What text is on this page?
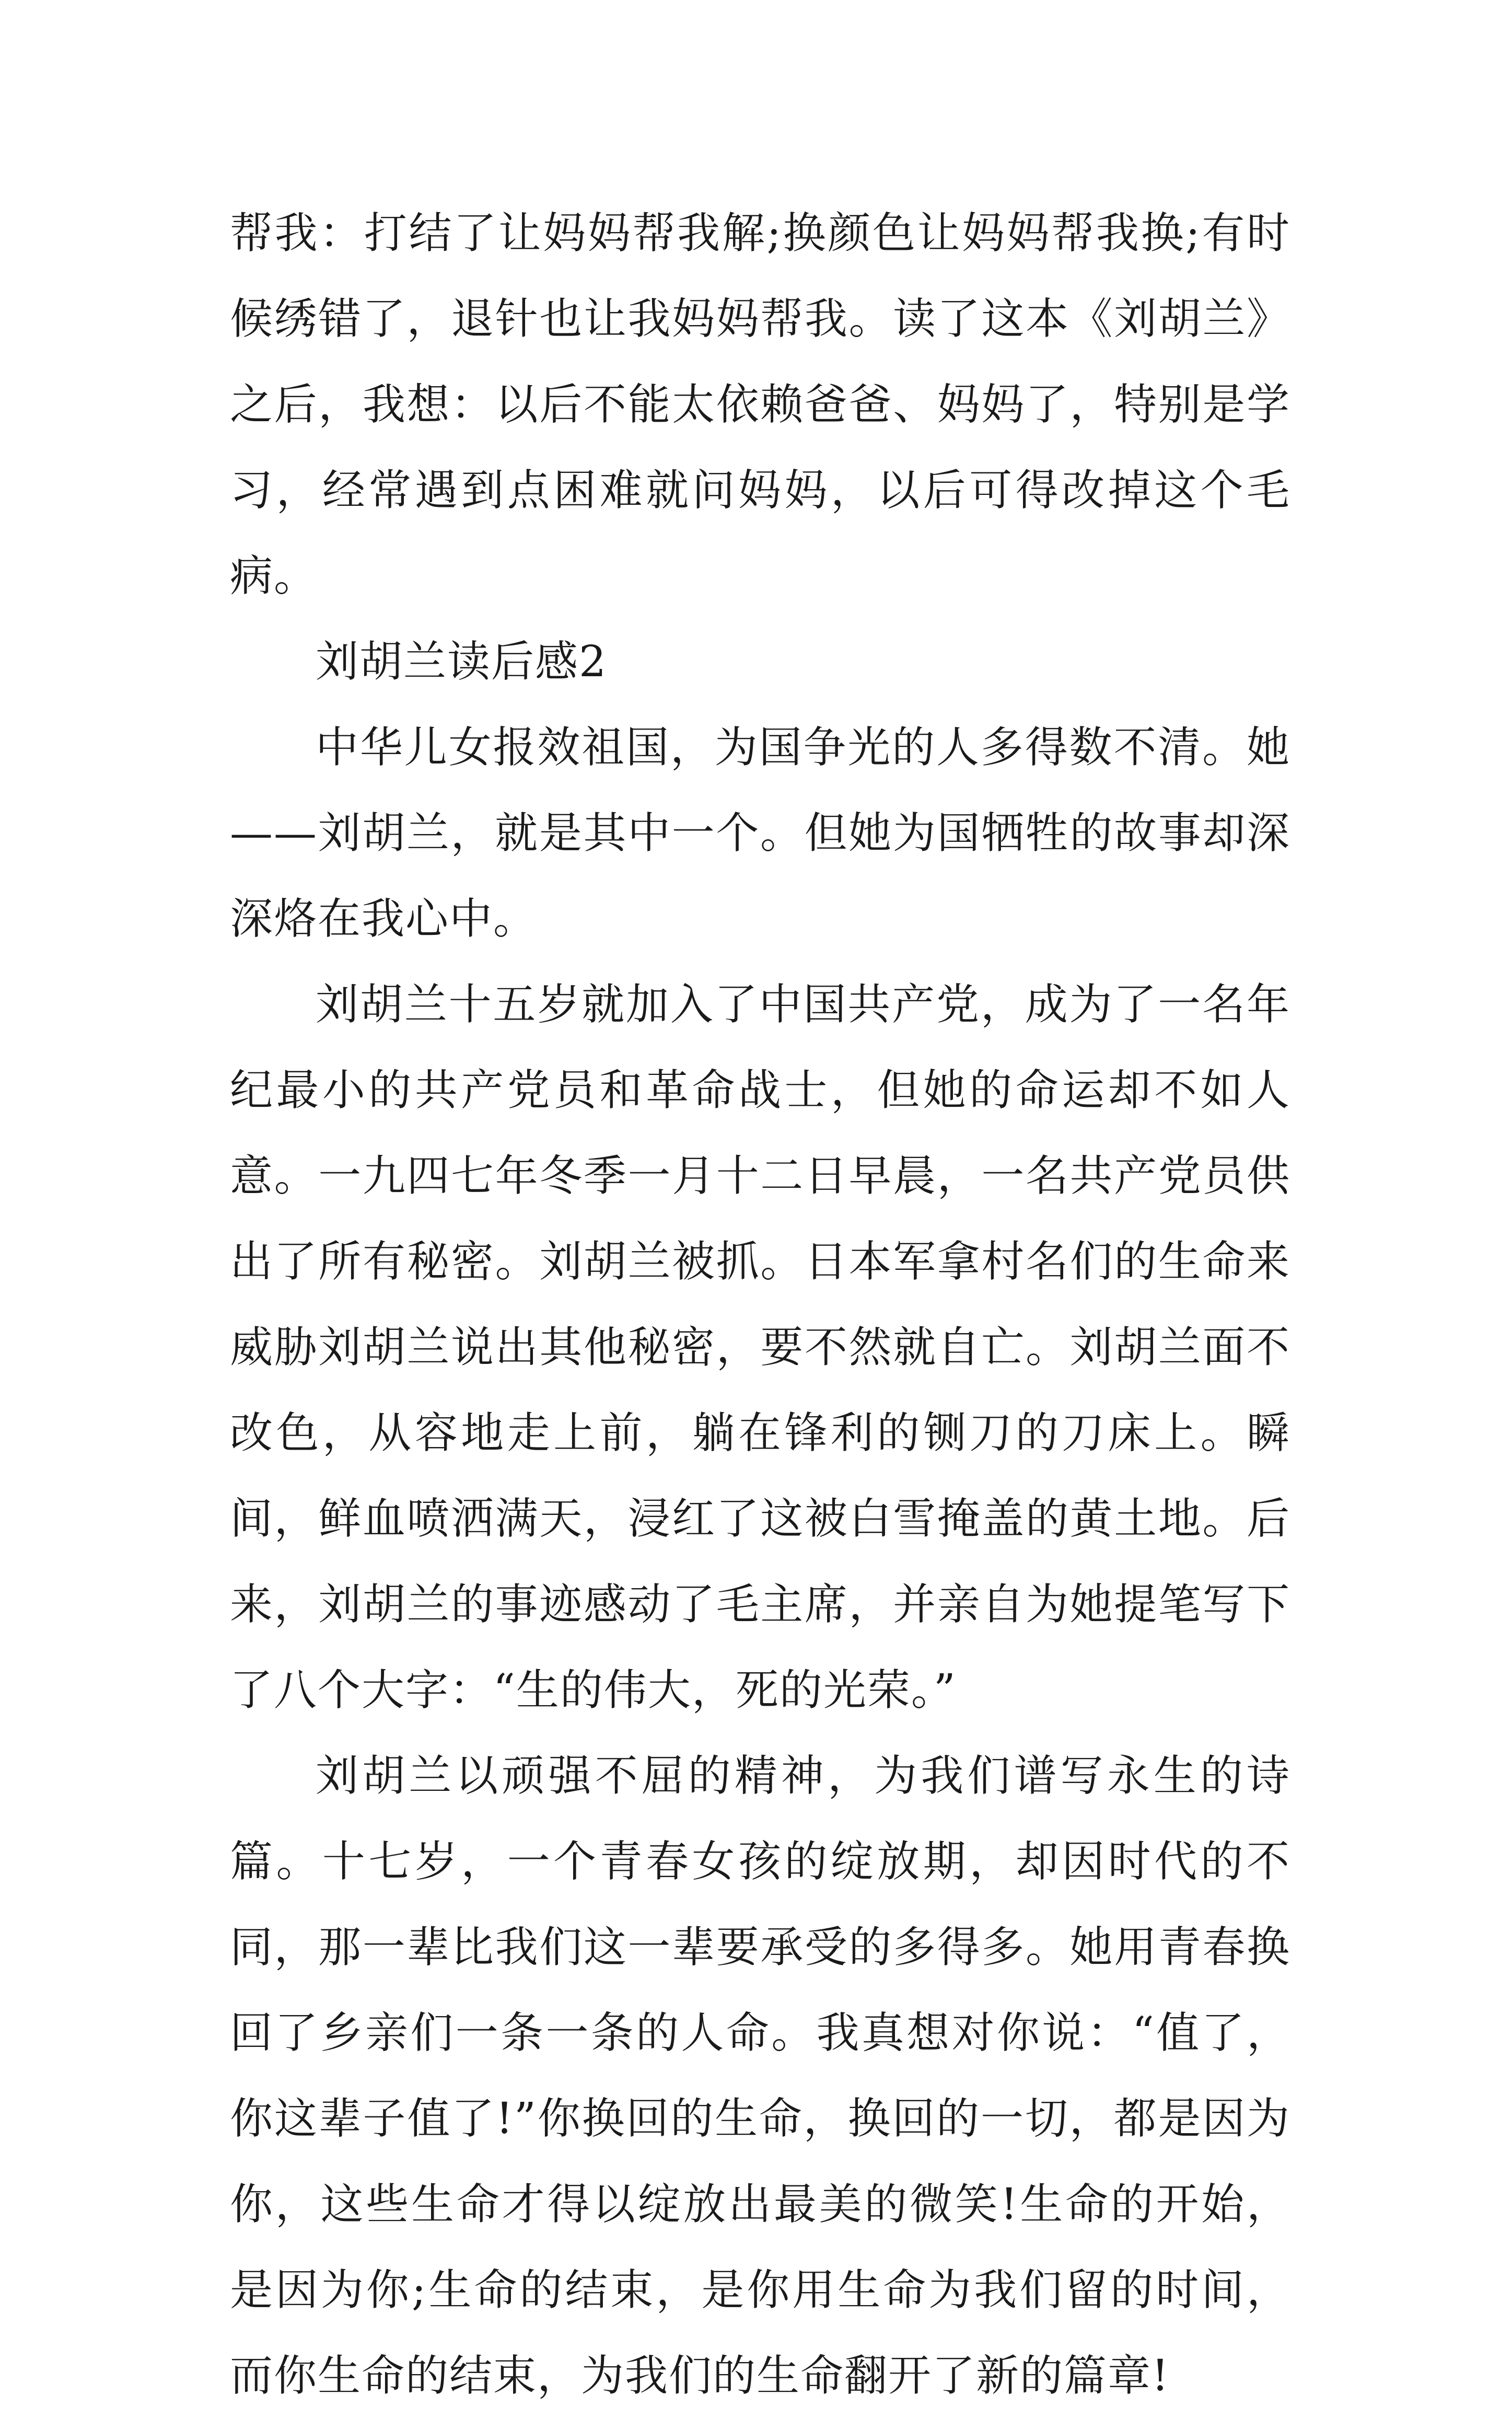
帮我：打结了让妈妈帮我解;换颜色让妈妈帮我换;有时候绣错了，退针也让我妈妈帮我。读了这本《刘胡兰》之后，我想：以后不能太依赖爸爸、妈妈了，特别是学习，经常遇到点困难就问妈妈，以后可得改掉这个毛病。

刘胡兰读后感2

中华儿女报效祖国，为国争光的人多得数不清。她——刘胡兰，就是其中一个。但她为国牺牲的故事却深深烙在我心中。

刘胡兰十五岁就加入了中国共产党，成为了一名年纪最小的共产党员和革命战士，但她的命运却不如人意。一九四七年冬季一月十二日早晨，一名共产党员供出了所有秘密。刘胡兰被抓。日本军拿村名们的生命来威胁刘胡兰说出其他秘密，要不然就自亡。刘胡兰面不改色，从容地走上前，躺在锋利的铡刀的刀床上。瞬间，鲜血喷洒满天，浸红了这被白雪掩盖的黄土地。后来，刘胡兰的事迹感动了毛主席，并亲自为她提笔写下了八个大字：“生的伟大，死的光荣。”

刘胡兰以顽强不屈的精神，为我们谱写永生的诗篇。十七岁，一个青春女孩的绽放期，却因时代的不同，那一辈比我们这一辈要承受的多得多。她用青春换回了乡亲们一条一条的人命。我真想对你说：“值了，你这辈子值了!”你换回的生命，换回的一切，都是因为你，这些生命才得以绽放出最美的微笑!生命的开始，是因为你;生命的结束，是你用生命为我们留的时间，而你生命的结束，为我们的生命翻开了新的篇章!
